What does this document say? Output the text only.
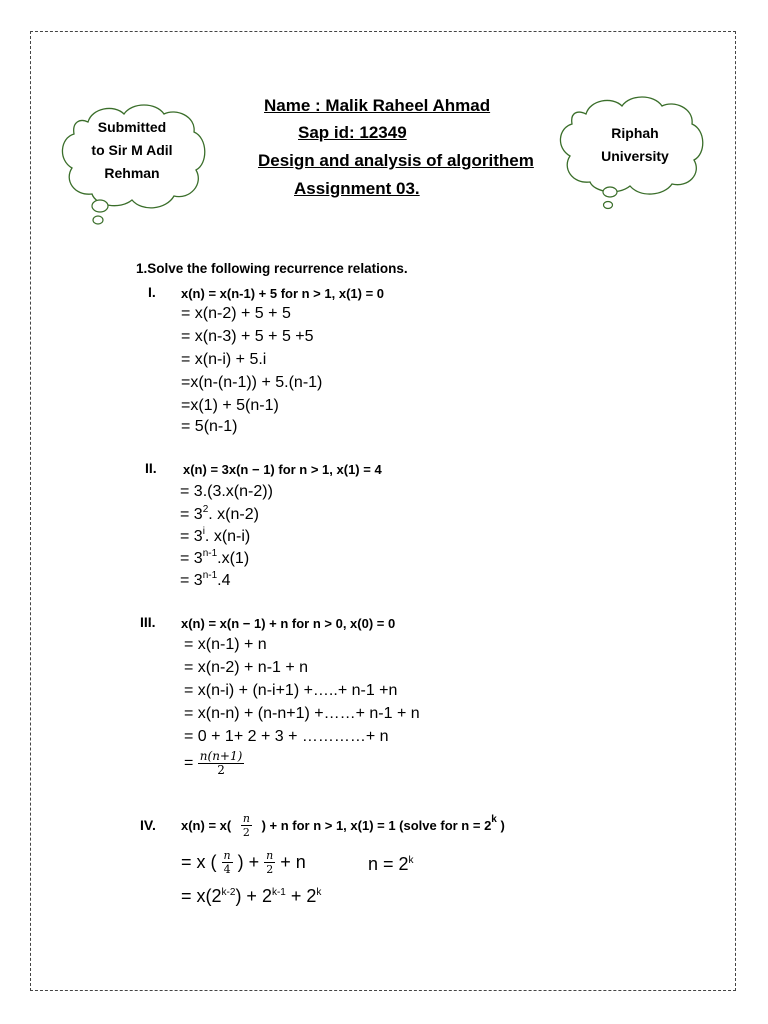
Submitted
to Sir M Adil
Rehman
Riphah
University
Name : Malik Raheel Ahmad
Sap id: 12349
Design and analysis of algorithem
Assignment 03.
1.Solve the following recurrence relations.
I. x(n) = x(n-1) + 5 for n > 1, x(1) = 0
= x(n-2) + 5 + 5
= x(n-3) + 5 + 5 +5
= x(n-i) + 5.i
=x(n-(n-1)) + 5.(n-1)
=x(1) + 5(n-1)
= 5(n-1)
II. x(n) = 3x(n − 1) for n > 1, x(1) = 4
= 3.(3.x(n-2))
= $3^2$. x(n-2)
= $3^i$. x(n-i)
= $3^{n-1}.x(1)$
= $3^{n-1}.4$
III. x(n) = x(n − 1) + n for n > 0, x(0) = 0
= x(n-1) + n
= x(n-2) + n-1 + n
= x(n-i) + (n-i+1) +…..+ n-1 +n
= x(n-n) + (n-n+1) +……+ n-1 + n
= 0 + 1+ 2 + 3 + …………+ n
= $\frac{n(n+1)}{2}$
IV. $x(n) = x( \frac{n}{2}$ ) + n for n > 1, x(1) = 1 (solve for $n = 2^k$ )
= x ( $\frac{n}{4}$ ) + $\frac{n}{2} + n$	$n = 2^k$
= $x(2^{k-2}) + 2^{k-1} + 2^k$
